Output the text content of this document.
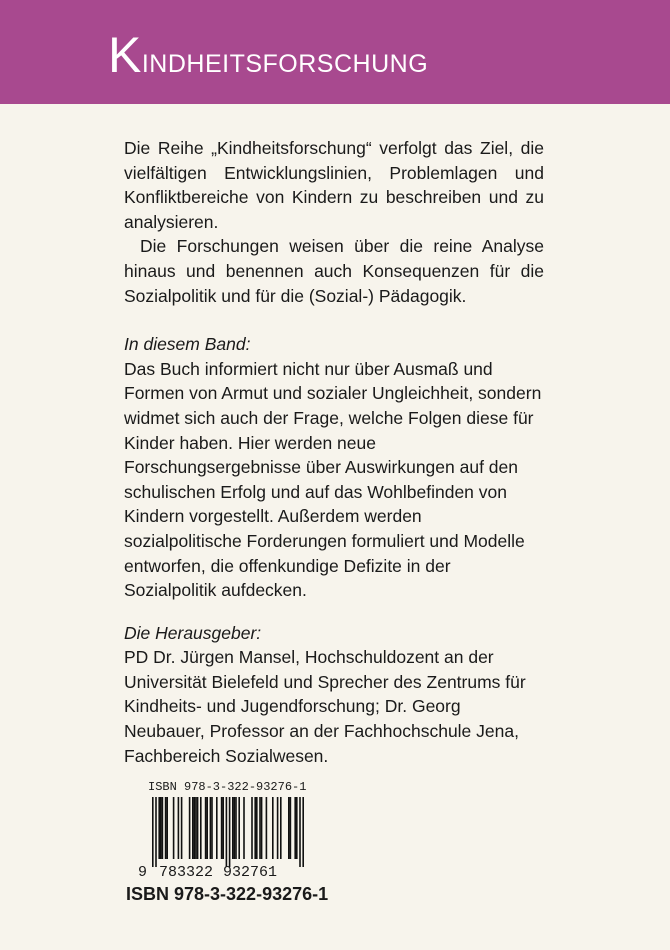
Kindheitsforschung

Die Reihe „Kindheitsforschung“ verfolgt das Ziel, die vielfältigen Entwicklungslinien, Problemlagen und Konfliktbereiche von Kindern zu beschreiben und zu analysieren.

Die Forschungen weisen über die reine Analyse hinaus und benennen auch Konsequenzen für die Sozialpolitik und für die (Sozial-) Pädagogik.

In diesem Band:

Das Buch informiert nicht nur über Ausmaß und Formen von Armut und sozialer Ungleichheit, sondern widmet sich auch der Frage, welche Folgen diese für Kinder haben. Hier werden neue Forschungsergebnisse über Auswirkungen auf den schulischen Erfolg und auf das Wohlbefinden von Kindern vorgestellt. Außerdem werden sozialpolitische Forderungen formuliert und Modelle entworfen, die offenkundige Defizite in der Sozialpolitik aufdecken.

Die Herausgeber:

PD Dr. Jürgen Mansel, Hochschuldozent an der Universität Bielefeld und Sprecher des Zentrums für Kindheits- und Jugendforschung; Dr. Georg Neubauer, Professor an der Fachhochschule Jena, Fachbereich Sozialwesen.

ISBN 978-3-322-93276-1
9 783322 932761
ISBN 978-3-322-93276-1
